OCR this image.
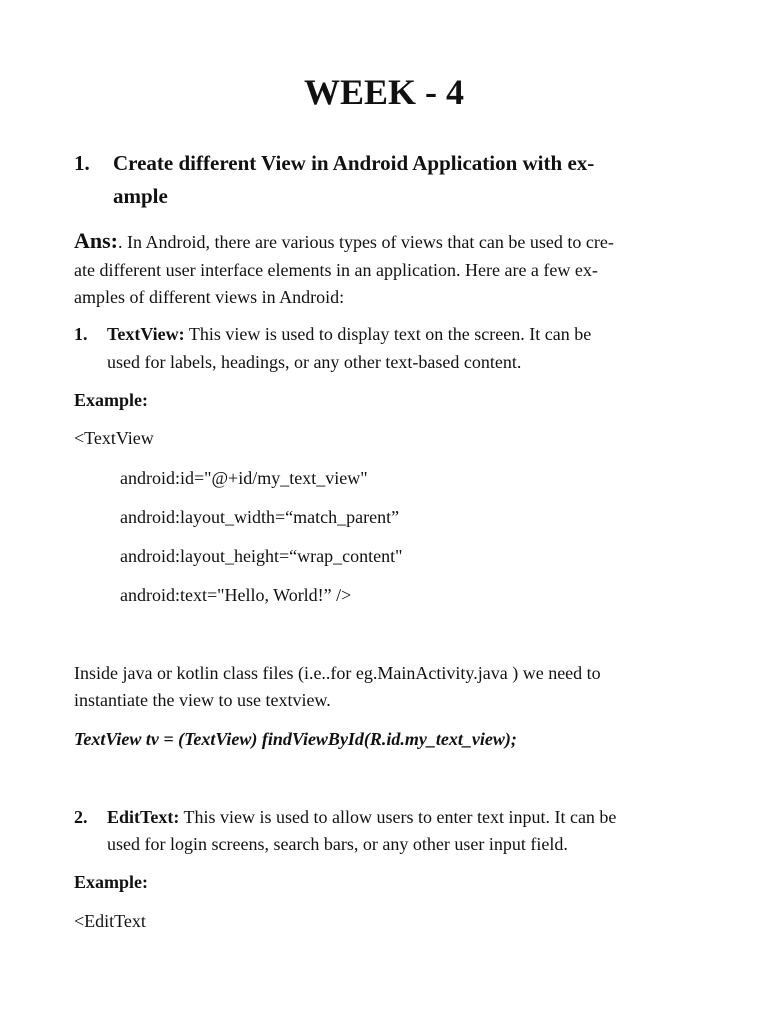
WEEK - 4
1. Create different View in Android Application with ex-
ample
Ans:. In Android, there are various types of views that can be used to cre-
ate different user interface elements in an application. Here are a few ex-
amples of different views in Android:
1. TextView: This view is used to display text on the screen. It can be
used for labels, headings, or any other text-based content.
Example:
<TextView
android:id="@+id/my_text_view"
android:layout_width=“match_parent”
android:layout_height=“wrap_content"
android:text="Hello, World!” />
Inside java or kotlin class files (i.e..for eg.MainActivity.java ) we need to
instantiate the view to use textview.
TextView tv = (TextView) findViewById(R.id.my_text_view);
2. EditText: This view is used to allow users to enter text input. It can be
used for login screens, search bars, or any other user input field.
Example:
<EditText
